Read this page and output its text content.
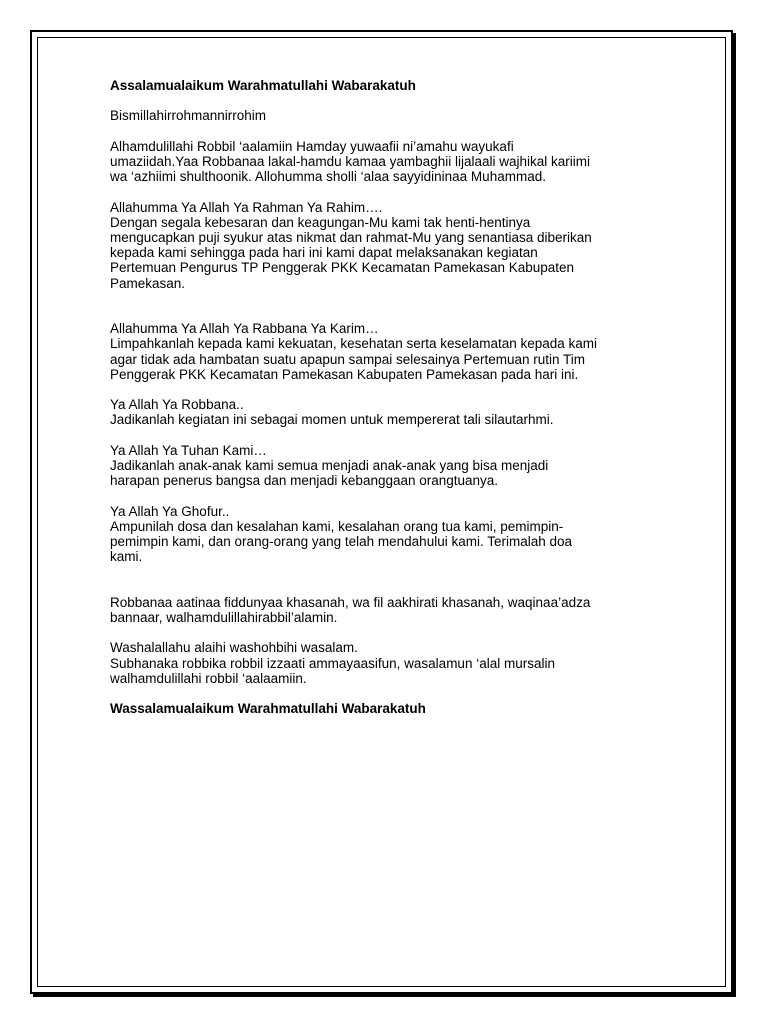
Assalamualaikum Warahmatullahi Wabarakatuh

Bismillahirrohmannirrohim

Alhamdulillahi Robbil ‘aalamiin Hamday yuwaafii ni’amahu wayukafi
umaziidah.Yaa Robbanaa lakal-hamdu kamaa yambaghii lijalaali wajhikal kariimi
wa ‘azhiimi shulthoonik. Allohumma sholli ‘alaa sayyidininaa Muhammad.

Allahumma Ya Allah Ya Rahman Ya Rahim….
Dengan segala kebesaran dan keagungan-Mu kami tak henti-hentinya
mengucapkan puji syukur atas nikmat dan rahmat-Mu yang senantiasa diberikan
kepada kami sehingga pada hari ini kami dapat melaksanakan kegiatan
Pertemuan Pengurus TP Penggerak PKK Kecamatan Pamekasan Kabupaten
Pamekasan.

Allahumma Ya Allah Ya Rabbana Ya Karim…
Limpahkanlah kepada kami kekuatan, kesehatan serta keselamatan kepada kami
agar tidak ada hambatan suatu apapun sampai selesainya Pertemuan rutin Tim
Penggerak PKK Kecamatan Pamekasan Kabupaten Pamekasan pada hari ini.

Ya Allah Ya Robbana..
Jadikanlah kegiatan ini sebagai momen untuk mempererat tali silautarhmi.

Ya Allah Ya Tuhan Kami…
Jadikanlah anak-anak kami semua menjadi anak-anak yang bisa menjadi
harapan penerus bangsa dan menjadi kebanggaan orangtuanya.

Ya Allah Ya Ghofur..
Ampunilah dosa dan kesalahan kami, kesalahan orang tua kami, pemimpin-
pemimpin kami, dan orang-orang yang telah mendahului kami. Terimalah doa
kami.

Robbanaa aatinaa fiddunyaa khasanah, wa fil aakhirati khasanah, waqinaa’adza
bannaar, walhamdulillahirabbil’alamin.

Washalallahu alaihi washohbihi wasalam.
Subhanaka robbika robbil izzaati ammayaasifun, wasalamun ‘alal mursalin
walhamdulillahi robbil ‘aalaamiin.

Wassalamualaikum Warahmatullahi Wabarakatuh
